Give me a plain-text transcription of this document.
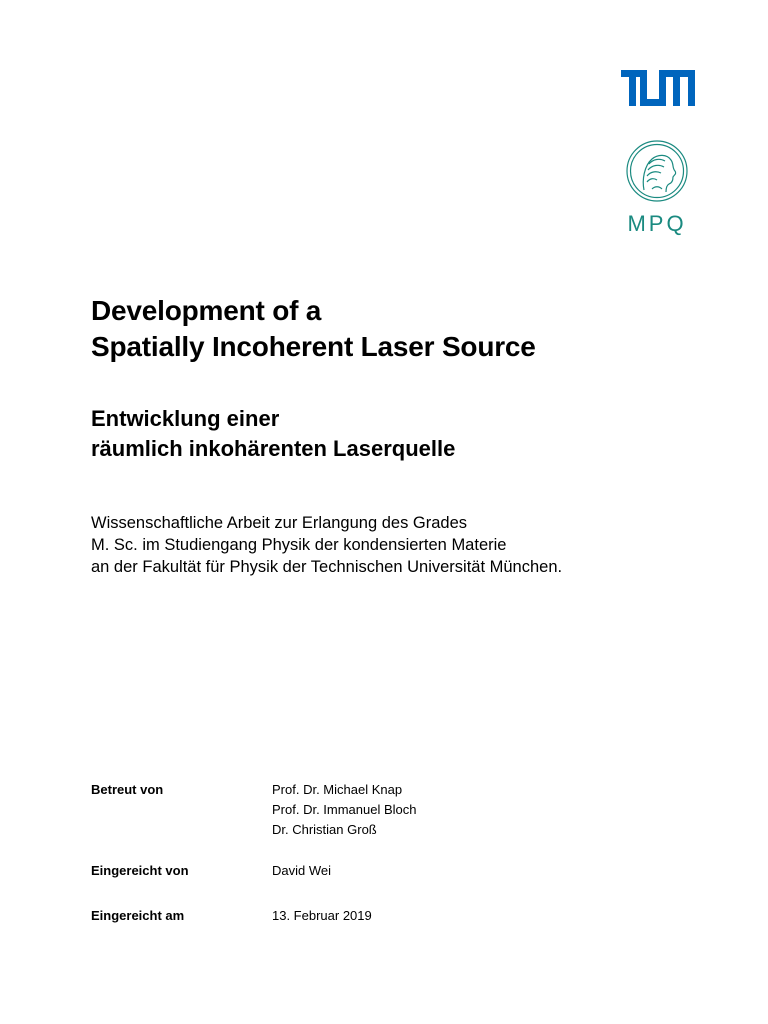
MPQ
Development of a
Spatially Incoherent Laser Source
Entwicklung einer
räumlich inkohärenten Laserquelle
Wissenschaftliche Arbeit zur Erlangung des Grades
M. Sc. im Studiengang Physik der kondensierten Materie
an der Fakultät für Physik der Technischen Universität München.
Betreut von	Prof. Dr. Michael Knap
Prof. Dr. Immanuel Bloch
Dr. Christian Groß
Eingereicht von	David Wei
Eingereicht am	13. Februar 2019
